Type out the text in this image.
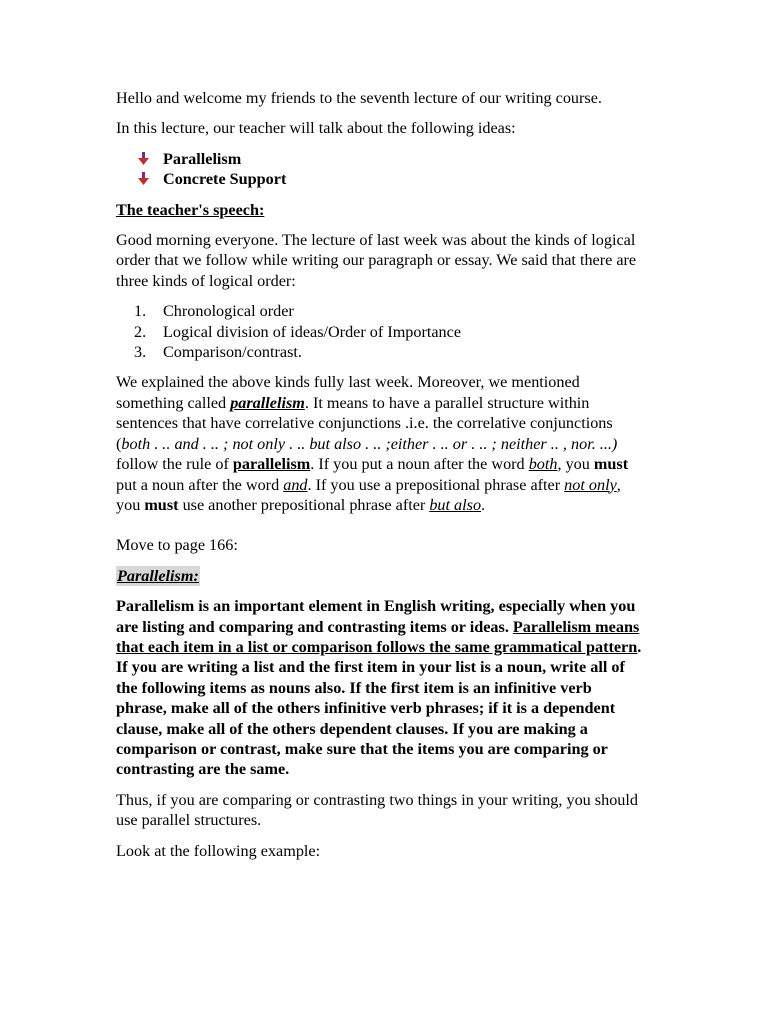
Hello and welcome my friends to the seventh lecture of our writing course.

In this lecture, our teacher will talk about the following ideas:

Parallelism
Concrete Support

The teacher's speech:

Good morning everyone. The lecture of last week was about the kinds of logical order that we follow while writing our paragraph or essay. We said that there are three kinds of logical order:

1. Chronological order
2. Logical division of ideas/Order of Importance
3. Comparison/contrast.

We explained the above kinds fully last week. Moreover, we mentioned something called parallelism. It means to have a parallel structure within sentences that have correlative conjunctions .i.e. the correlative conjunctions (both . .. and . .. ; not only . .. but also . .. ;either . .. or . .. ; neither .. , nor. ...) follow the rule of parallelism. If you put a noun after the word both, you must put a noun after the word and. If you use a prepositional phrase after not only, you must use another prepositional phrase after but also.

Move to page 166:

Parallelism:

Parallelism is an important element in English writing, especially when you are listing and comparing and contrasting items or ideas. Parallelism means that each item in a list or comparison follows the same grammatical pattern. If you are writing a list and the first item in your list is a noun, write all of the following items as nouns also. If the first item is an infinitive verb phrase, make all of the others infinitive verb phrases; if it is a dependent clause, make all of the others dependent clauses. If you are making a comparison or contrast, make sure that the items you are comparing or contrasting are the same.

Thus, if you are comparing or contrasting two things in your writing, you should use parallel structures.

Look at the following example:
